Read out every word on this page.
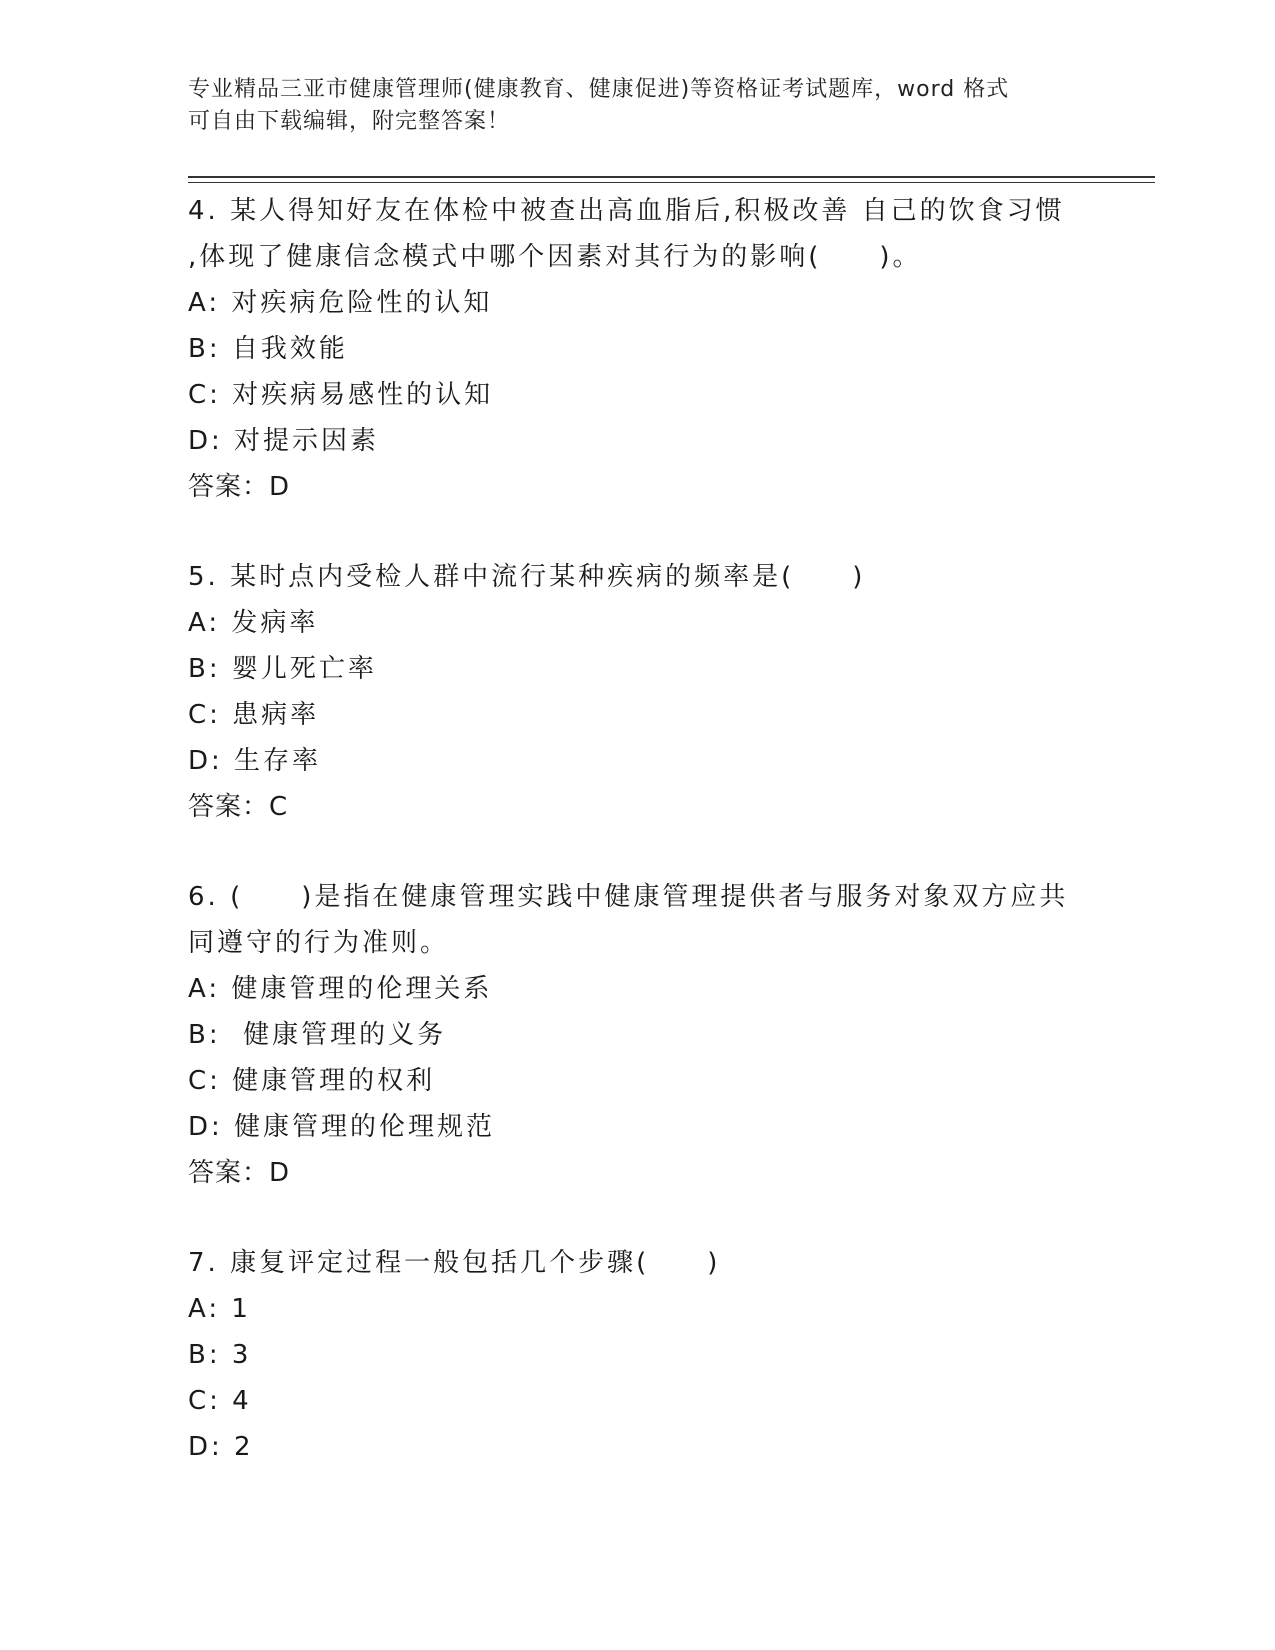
专业精品三亚市健康管理师(健康教育、健康促进)等资格证考试题库，word 格式
可自由下载编辑，附完整答案！
4. 某人得知好友在体检中被查出高血脂后,积极改善 自己的饮食习惯
,体现了健康信念模式中哪个因素对其行为的影响(　　)。
A: 对疾病危险性的认知
B: 自我效能
C: 对疾病易感性的认知
D: 对提示因素
答案：D
5. 某时点内受检人群中流行某种疾病的频率是(　　)
A: 发病率
B: 婴儿死亡率
C: 患病率
D: 生存率
答案：C
6. (　　)是指在健康管理实践中健康管理提供者与服务对象双方应共
同遵守的行为准则。
A: 健康管理的伦理关系
B:  健康管理的义务
C: 健康管理的权利
D: 健康管理的伦理规范
答案：D
7. 康复评定过程一般包括几个步骤(　　)
A: 1
B: 3
C: 4
D: 2
